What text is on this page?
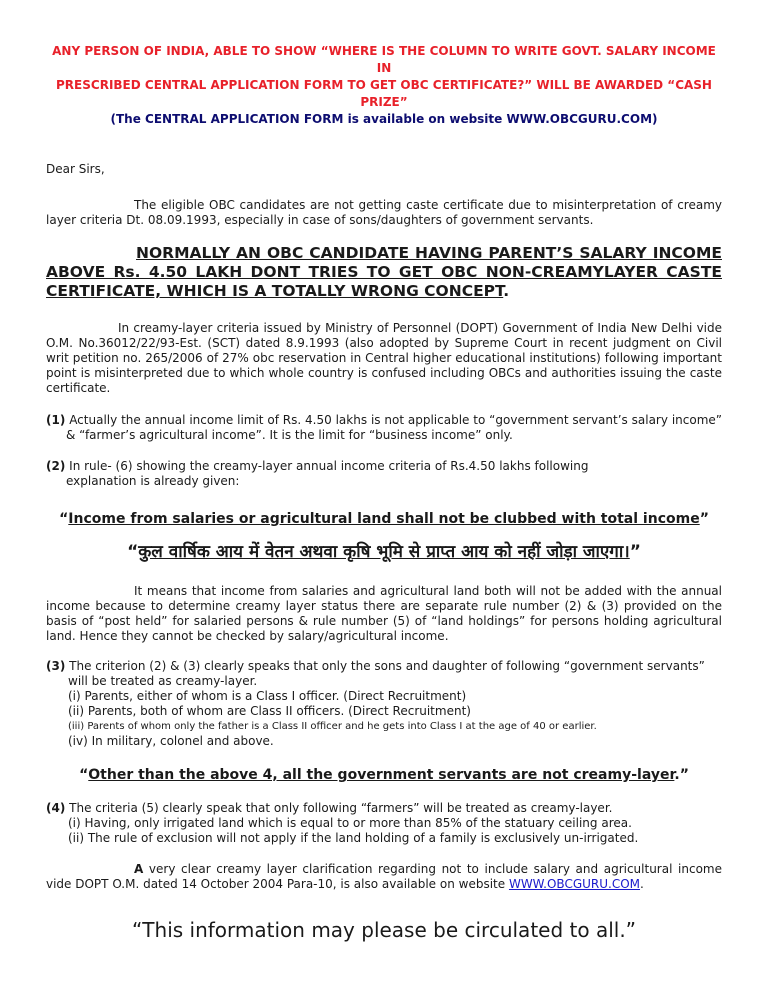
ANY PERSON OF INDIA, ABLE TO SHOW “WHERE IS THE COLUMN TO WRITE GOVT. SALARY INCOME IN
PRESCRIBED CENTRAL APPLICATION FORM TO GET OBC CERTIFICATE?” WILL BE AWARDED “CASH PRIZE”
(The CENTRAL APPLICATION FORM is available on website WWW.OBCGURU.COM)
Dear Sirs,

The eligible OBC candidates are not getting caste certificate due to misinterpretation of creamy layer criteria Dt. 08.09.1993, especially in case of sons/daughters of government servants.

NORMALLY AN OBC CANDIDATE HAVING PARENT’S SALARY INCOME ABOVE Rs. 4.50 LAKH DONT TRIES TO GET OBC NON-CREAMYLAYER CASTE CERTIFICATE, WHICH IS A TOTALLY WRONG CONCEPT.

In creamy-layer criteria issued by Ministry of Personnel (DOPT) Government of India New Delhi vide O.M. No.36012/22/93-Est. (SCT) dated 8.9.1993 (also adopted by Supreme Court in recent judgment on Civil writ petition no. 265/2006 of 27% obc reservation in Central higher educational institutions) following important point is misinterpreted due to which whole country is confused including OBCs and authorities issuing the caste certificate.

(1) Actually the annual income limit of Rs. 4.50 lakhs is not applicable to “government servant’s salary income” & “farmer’s agricultural income”. It is the limit for “business income” only.

(2) In rule- (6) showing the creamy-layer annual income criteria of Rs.4.50 lakhs following

explanation is already given:

“Income from salaries or agricultural land shall not be clubbed with total income”
“कुल वार्षिक आय में वेतन अथवा कृषि भूमि से प्राप्त आय को नहीं जोड़ा जाएगा।”

It means that income from salaries and agricultural land both will not be added with the annual income because to determine creamy layer status there are separate rule number (2) & (3) provided on the basis of “post held” for salaried persons & rule number (5) of “land holdings” for persons holding agricultural land. Hence they cannot be checked by salary/agricultural income.

(3) The criterion (2) & (3) clearly speaks that only the sons and daughter of following “government servants”

will be treated as creamy-layer.

(i) Parents, either of whom is a Class I officer. (Direct Recruitment)
(ii) Parents, both of whom are Class II officers. (Direct Recruitment)
(iii) Parents of whom only the father is a Class II officer and he gets into Class I at the age of 40 or earlier.
(iv) In military, colonel and above.
“Other than the above 4, all the government servants are not creamy-layer.”

(4) The criteria (5) clearly speak that only following “farmers” will be treated as creamy-layer.

(i) Having, only irrigated land which is equal to or more than 85% of the statuary ceiling area.
(ii) The rule of exclusion will not apply if the land holding of a family is exclusively un-irrigated.

A very clear creamy layer clarification regarding not to include salary and agricultural income vide DOPT O.M. dated 14 October 2004 Para-10, is also available on website WWW.OBCGURU.COM.

“This information may please be circulated to all.”
